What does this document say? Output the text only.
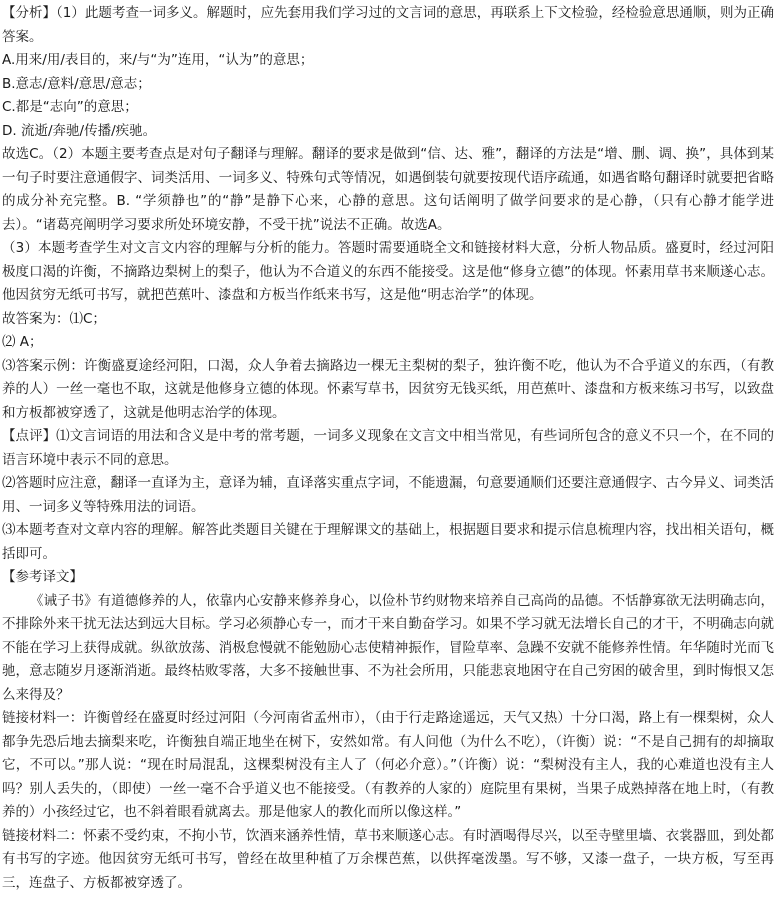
【分析】（1）此题考查一词多义。解题时，应先套用我们学习过的文言词的意思，再联系上下文检验，经检验意思通顺，则为正确答案。

A.用来/用/表目的，来/与“为”连用，“认为”的意思；

B.意志/意料/意思/意志；

C.都是“志向”的意思；

D. 流逝/奔驰/传播/疾驰。

故选C。（2）本题主要考查点是对句子翻译与理解。翻译的要求是做到“信、达、雅”，翻译的方法是“增、删、调、换”，具体到某一句子时要注意通假字、词类活用、一词多义、特殊句式等情况，如遇倒装句就要按现代语序疏通，如遇省略句翻译时就要把省略的成分补充完整。B. “学须静也”的“静”是静下心来，心静的意思。这句话阐明了做学问要求的是心静，（只有心静才能学进去）。“诸葛亮阐明学习要求所处环境安静，不受干扰”说法不正确。故选A。

（3）本题考查学生对文言文内容的理解与分析的能力。答题时需要通晓全文和链接材料大意，分析人物品质。盛夏时，经过河阳极度口渴的许衡，不摘路边梨树上的梨子，他认为不合道义的东西不能接受。这是他“修身立德”的体现。怀素用草书来顺遂心志。他因贫穷无纸可书写，就把芭蕉叶、漆盘和方板当作纸来书写，这是他“明志治学”的体现。

故答案为：⑴C；

⑵ A；

⑶答案示例：许衡盛夏途经河阳，口渴，众人争着去摘路边一棵无主梨树的梨子，独许衡不吃，他认为不合乎道义的东西，（有教养的人）一丝一毫也不取，这就是他修身立德的体现。怀素写草书，因贫穷无钱买纸，用芭蕉叶、漆盘和方板来练习书写，以致盘和方板都被穿透了，这就是他明志治学的体现。

【点评】⑴文言词语的用法和含义是中考的常考题，一词多义现象在文言文中相当常见，有些词所包含的意义不只一个，在不同的语言环境中表示不同的意思。

⑵答题时应注意，翻译一直译为主，意译为辅，直译落实重点字词，不能遗漏，句意要通顺们还要注意通假字、古今异义、词类活用、一词多义等特殊用法的词语。

⑶本题考查对文章内容的理解。解答此类题目关键在于理解课文的基础上，根据题目要求和提示信息梳理内容，找出相关语句，概括即可。

【参考译文】

《诫子书》有道德修养的人，依靠内心安静来修养身心，以俭朴节约财物来培养自己高尚的品德。不恬静寡欲无法明确志向，不排除外来干扰无法达到远大目标。学习必须静心专一，而才干来自勤奋学习。如果不学习就无法增长自己的才干，不明确志向就不能在学习上获得成就。纵欲放荡、消极怠慢就不能勉励心志使精神振作，冒险草率、急躁不安就不能修养性情。年华随时光而飞驰，意志随岁月逐渐消逝。最终枯败零落，大多不接触世事、不为社会所用，只能悲哀地困守在自己穷困的破舍里，到时悔恨又怎么来得及？

链接材料一：许衡曾经在盛夏时经过河阳（今河南省孟州市），（由于行走路途遥远，天气又热）十分口渴，路上有一棵梨树，众人都争先恐后地去摘梨来吃，许衡独自端正地坐在树下，安然如常。有人问他（为什么不吃），（许衡）说：“不是自己拥有的却摘取它，不可以。”那人说：“现在时局混乱，这棵梨树没有主人了（何必介意）。”（许衡）说：“梨树没有主人，我的心难道也没有主人吗？别人丢失的，（即使）一丝一毫不合乎道义也不能接受。（有教养的人家的）庭院里有果树，当果子成熟掉落在地上时，（有教养的）小孩经过它，也不斜着眼看就离去。那是他家人的教化而所以像这样。”

链接材料二：怀素不受约束，不拘小节，饮酒来涵养性情，草书来顺遂心志。有时酒喝得尽兴，以至寺壁里墙、衣裳器皿，到处都有书写的字迹。他因贫穷无纸可书写，曾经在故里种植了万余棵芭蕉，以供挥毫泼墨。写不够，又漆一盘子，一块方板，写至再三，连盘子、方板都被穿透了。
